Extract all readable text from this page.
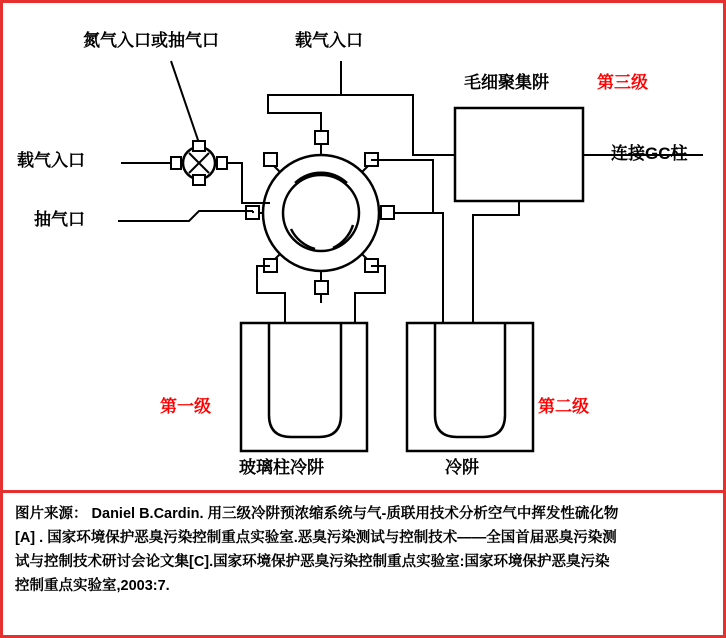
氮气入口或抽气口	载气入口
载气入口
抽气口
毛细聚集阱	第三级
连接GC柱
第一级	第二级
玻璃柱冷阱	冷阱
图片来源： Daniel B.Cardin. 用三级冷阱预浓缩系统与气-质联用技术分析空气中挥发性硫化物
[A] . 国家环境保护恶臭污染控制重点实验室.恶臭污染测试与控制技术——全国首届恶臭污染测
试与控制技术研讨会论文集[C].国家环境保护恶臭污染控制重点实验室:国家环境保护恶臭污染
控制重点实验室,2003:7.
